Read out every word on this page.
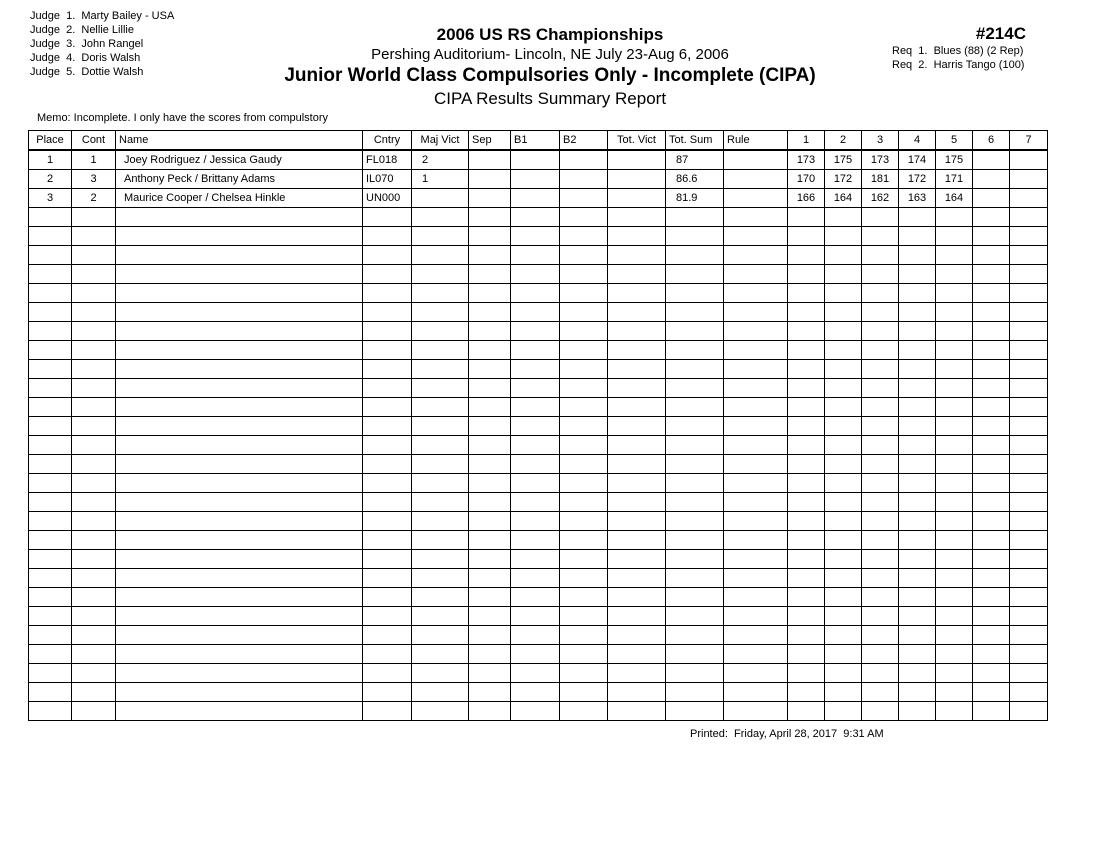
Judge  1.  Marty Bailey - USA
Judge  2.  Nellie Lillie
Judge  3.  John Rangel
Judge  4.  Doris Walsh
Judge  5.  Dottie Walsh
2006 US RS Championships
Pershing Auditorium- Lincoln, NE July 23-Aug 6, 2006
Junior World Class Compulsories Only - Incomplete (CIPA)
CIPA Results Summary Report
#214C
Req  1.  Blues (88) (2 Rep)
Req  2.  Harris Tango (100)
Memo: Incomplete. I only have the scores from compulstory
Place	Cont	Name	Cntry	Maj Vict	Sep	B1	B2	Tot. Vict	Tot. Sum	Rule	1	2	3	4	5	6	7
1	1	Joey Rodriguez / Jessica Gaudy	FL018	2					87		173	175	173	174	175		
2	3	Anthony Peck / Brittany Adams	IL070	1					86.6		170	172	181	172	171		
3	2	Maurice Cooper / Chelsea Hinkle	UN000						81.9		166	164	162	163	164		

Printed:  Friday, April 28, 2017  9:31 AM
